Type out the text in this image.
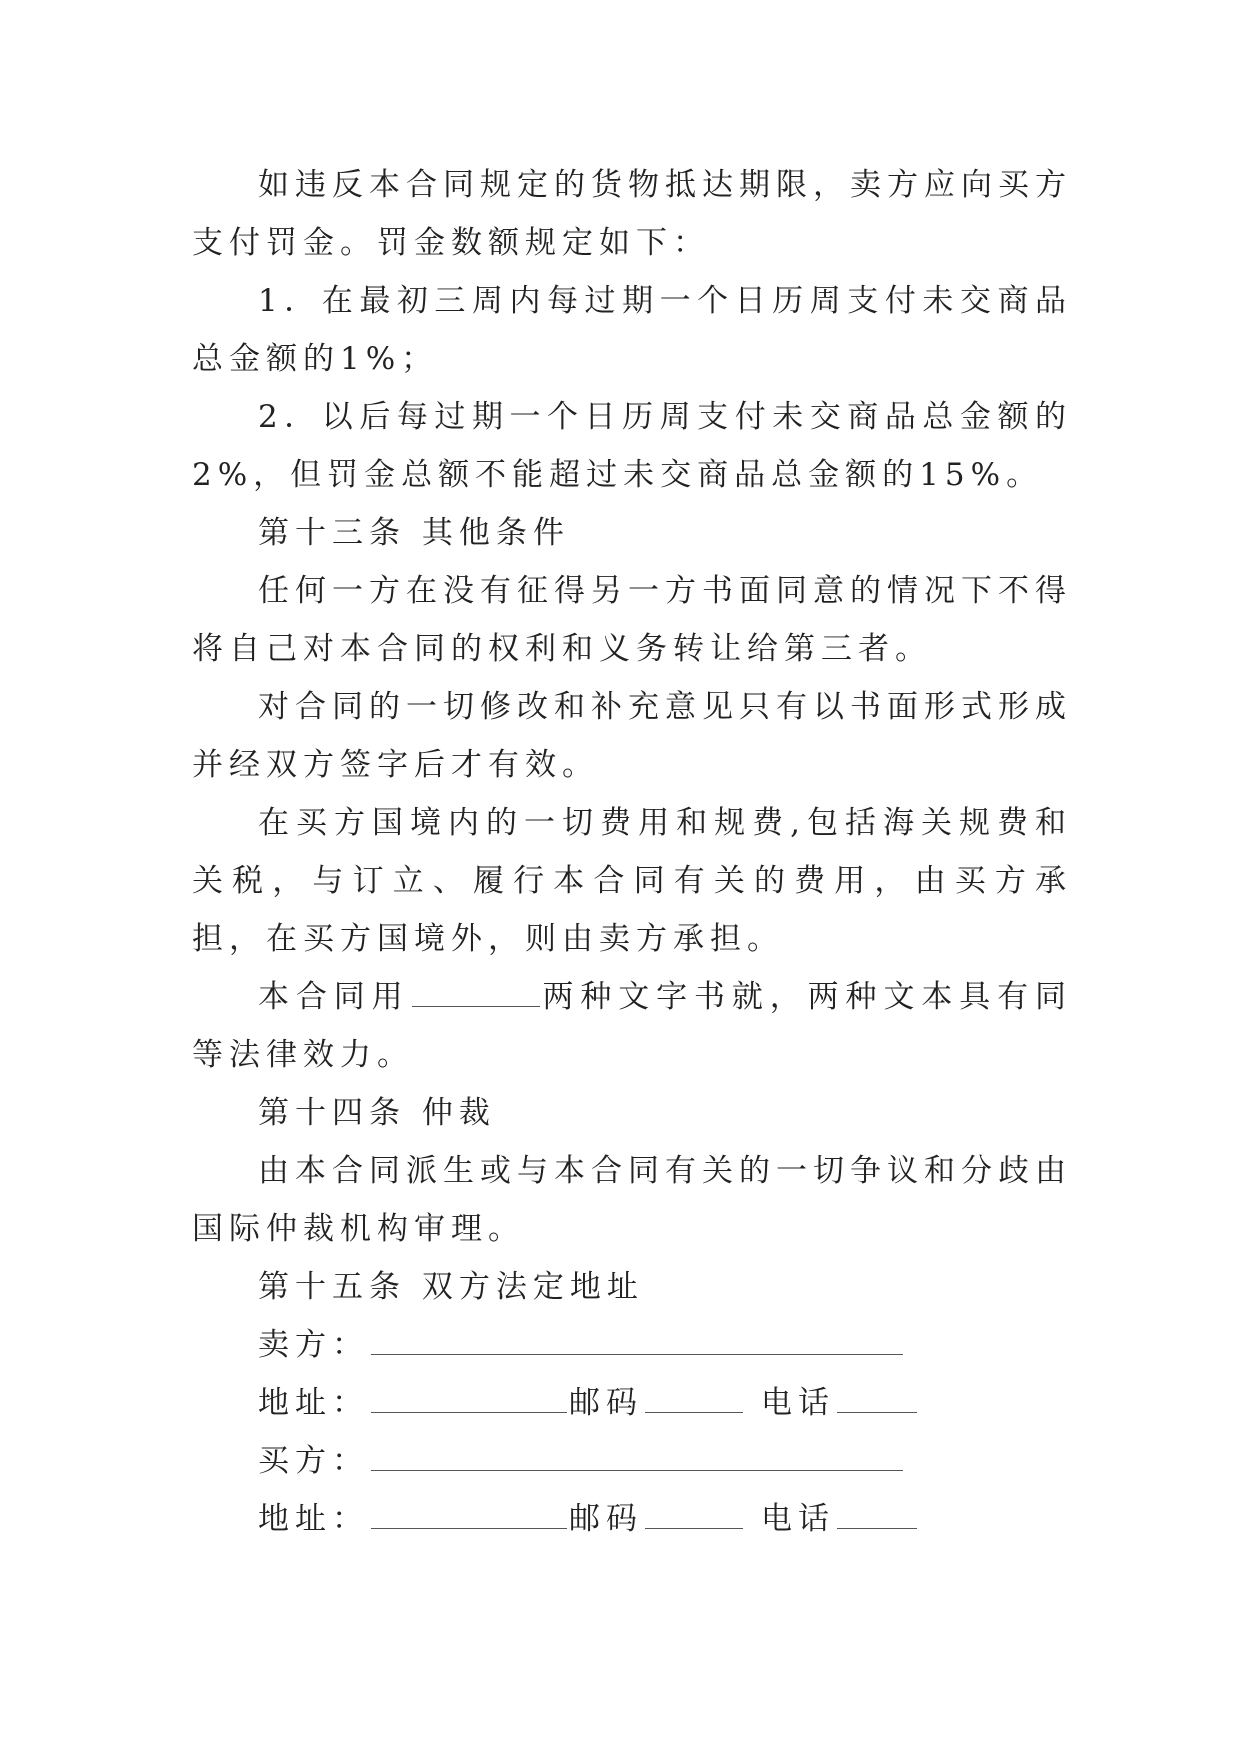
如违反本合同规定的货物抵达期限，卖方应向买方支付罚金。罚金数额规定如下：

1．在最初三周内每过期一个日历周支付未交商品总金额的1%；

2．以后每过期一个日历周支付未交商品总金额的2%，但罚金总额不能超过未交商品总金额的15%。

第十三条 其他条件

任何一方在没有征得另一方书面同意的情况下不得将自己对本合同的权利和义务转让给第三者。

对合同的一切修改和补充意见只有以书面形式形成并经双方签字后才有效。

在买方国境内的一切费用和规费,包括海关规费和关税，与订立、履行本合同有关的费用，由买方承担，在买方国境外，则由卖方承担。

本合同用	两种文字书就，两种文本具有同等法律效力。

第十四条 仲裁

由本合同派生或与本合同有关的一切争议和分歧由国际仲裁机构审理。

第十五条 双方法定地址

卖方：

地址：	邮码	电话

买方：

地址：	邮码	电话
